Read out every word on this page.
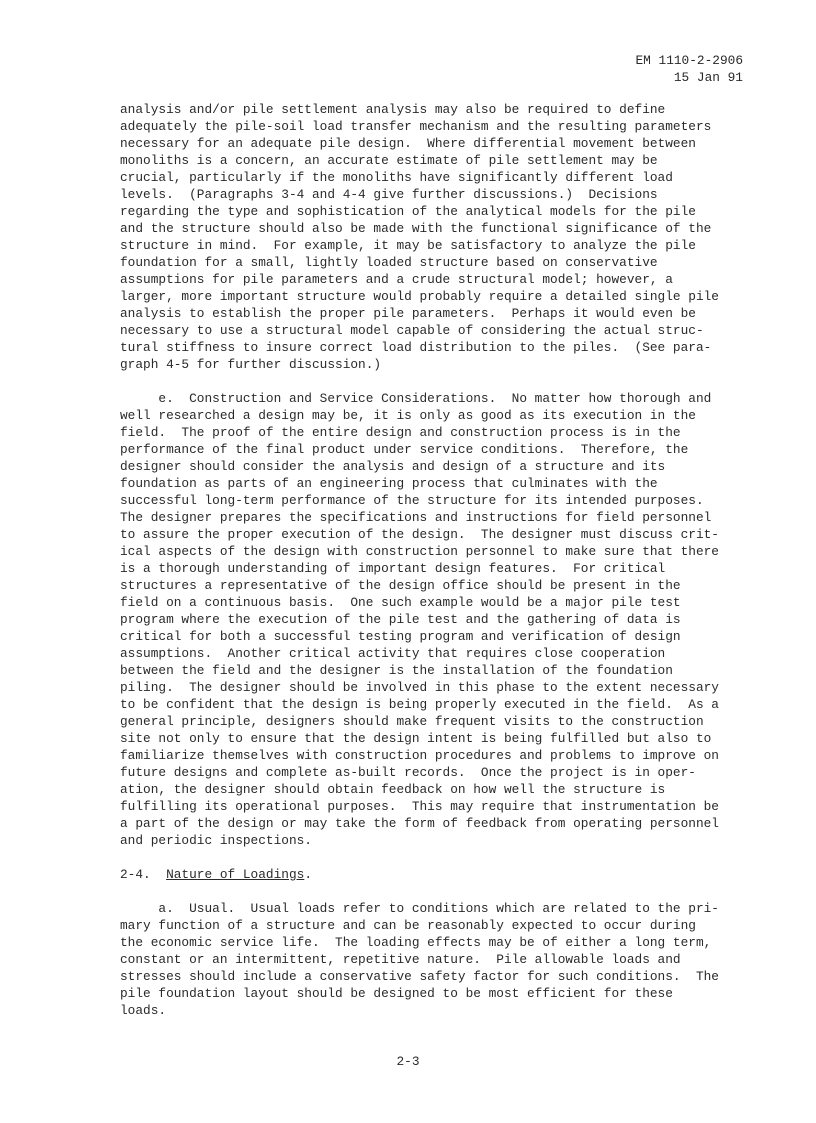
EM 1110-2-2906
15 Jan 91
analysis and/or pile settlement analysis may also be required to define
adequately the pile-soil load transfer mechanism and the resulting parameters
necessary for an adequate pile design.  Where differential movement between
monoliths is a concern, an accurate estimate of pile settlement may be
crucial, particularly if the monoliths have significantly different load
levels.  (Paragraphs 3-4 and 4-4 give further discussions.)  Decisions
regarding the type and sophistication of the analytical models for the pile
and the structure should also be made with the functional significance of the
structure in mind.  For example, it may be satisfactory to analyze the pile
foundation for a small, lightly loaded structure based on conservative
assumptions for pile parameters and a crude structural model; however, a
larger, more important structure would probably require a detailed single pile
analysis to establish the proper pile parameters.  Perhaps it would even be
necessary to use a structural model capable of considering the actual struc-
tural stiffness to insure correct load distribution to the piles.  (See para-
graph 4-5 for further discussion.)
e.  Construction and Service Considerations.  No matter how thorough and
well researched a design may be, it is only as good as its execution in the
field.  The proof of the entire design and construction process is in the
performance of the final product under service conditions.  Therefore, the
designer should consider the analysis and design of a structure and its
foundation as parts of an engineering process that culminates with the
successful long-term performance of the structure for its intended purposes.
The designer prepares the specifications and instructions for field personnel
to assure the proper execution of the design.  The designer must discuss crit-
ical aspects of the design with construction personnel to make sure that there
is a thorough understanding of important design features.  For critical
structures a representative of the design office should be present in the
field on a continuous basis.  One such example would be a major pile test
program where the execution of the pile test and the gathering of data is
critical for both a successful testing program and verification of design
assumptions.  Another critical activity that requires close cooperation
between the field and the designer is the installation of the foundation
piling.  The designer should be involved in this phase to the extent necessary
to be confident that the design is being properly executed in the field.  As a
general principle, designers should make frequent visits to the construction
site not only to ensure that the design intent is being fulfilled but also to
familiarize themselves with construction procedures and problems to improve on
future designs and complete as-built records.  Once the project is in oper-
ation, the designer should obtain feedback on how well the structure is
fulfilling its operational purposes.  This may require that instrumentation be
a part of the design or may take the form of feedback from operating personnel
and periodic inspections.
2-4.  Nature of Loadings.
a.  Usual.  Usual loads refer to conditions which are related to the pri-
mary function of a structure and can be reasonably expected to occur during
the economic service life.  The loading effects may be of either a long term,
constant or an intermittent, repetitive nature.  Pile allowable loads and
stresses should include a conservative safety factor for such conditions.  The
pile foundation layout should be designed to be most efficient for these
loads.
2-3
